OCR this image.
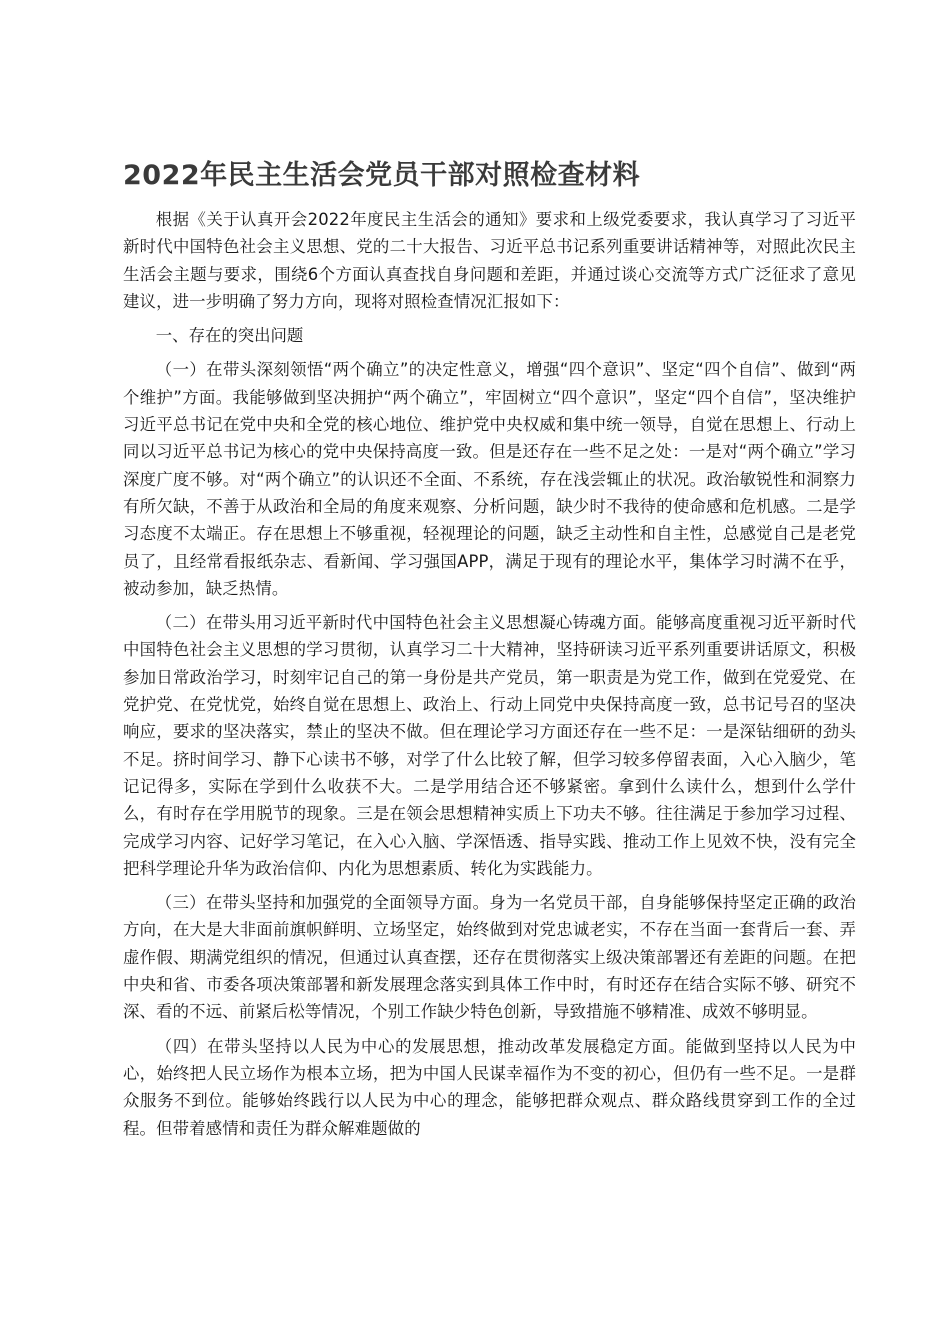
2022年民主生活会党员干部对照检查材料

根据《关于认真开会2022年度民主生活会的通知》要求和上级党委要求，我认真学习了习近平新时代中国特色社会主义思想、党的二十大报告、习近平总书记系列重要讲话精神等，对照此次民主生活会主题与要求，围绕6个方面认真查找自身问题和差距，并通过谈心交流等方式广泛征求了意见建议，进一步明确了努力方向，现将对照检查情况汇报如下：

一、存在的突出问题

（一）在带头深刻领悟“两个确立”的决定性意义，增强“四个意识”、坚定“四个自信”、做到“两个维护”方面。我能够做到坚决拥护“两个确立”，牢固树立“四个意识”，坚定“四个自信”，坚决维护习近平总书记在党中央和全党的核心地位、维护党中央权威和集中统一领导，自觉在思想上、行动上同以习近平总书记为核心的党中央保持高度一致。但是还存在一些不足之处：一是对“两个确立”学习深度广度不够。对“两个确立”的认识还不全面、不系统，存在浅尝辄止的状况。政治敏锐性和洞察力有所欠缺，不善于从政治和全局的角度来观察、分析问题，缺少时不我待的使命感和危机感。二是学习态度不太端正。存在思想上不够重视，轻视理论的问题，缺乏主动性和自主性，总感觉自己是老党员了，且经常看报纸杂志、看新闻、学习强国APP，满足于现有的理论水平，集体学习时满不在乎，被动参加，缺乏热情。

（二）在带头用习近平新时代中国特色社会主义思想凝心铸魂方面。能够高度重视习近平新时代中国特色社会主义思想的学习贯彻，认真学习二十大精神，坚持研读习近平系列重要讲话原文，积极参加日常政治学习，时刻牢记自己的第一身份是共产党员，第一职责是为党工作，做到在党爱党、在党护党、在党忧党，始终自觉在思想上、政治上、行动上同党中央保持高度一致，总书记号召的坚决响应，要求的坚决落实，禁止的坚决不做。但在理论学习方面还存在一些不足：一是深钻细研的劲头不足。挤时间学习、静下心读书不够，对学了什么比较了解，但学习较多停留表面，入心入脑少，笔记记得多，实际在学到什么收获不大。二是学用结合还不够紧密。拿到什么读什么，想到什么学什么，有时存在学用脱节的现象。三是在领会思想精神实质上下功夫不够。往往满足于参加学习过程、完成学习内容、记好学习笔记，在入心入脑、学深悟透、指导实践、推动工作上见效不快，没有完全把科学理论升华为政治信仰、内化为思想素质、转化为实践能力。

（三）在带头坚持和加强党的全面领导方面。身为一名党员干部，自身能够保持坚定正确的政治方向，在大是大非面前旗帜鲜明、立场坚定，始终做到对党忠诚老实，不存在当面一套背后一套、弄虚作假、期满党组织的情况，但通过认真查摆，还存在贯彻落实上级决策部署还有差距的问题。在把中央和省、市委各项决策部署和新发展理念落实到具体工作中时，有时还存在结合实际不够、研究不深、看的不远、前紧后松等情况，个别工作缺少特色创新，导致措施不够精准、成效不够明显。

（四）在带头坚持以人民为中心的发展思想，推动改革发展稳定方面。能做到坚持以人民为中心，始终把人民立场作为根本立场，把为中国人民谋幸福作为不变的初心，但仍有一些不足。一是群众服务不到位。能够始终践行以人民为中心的理念，能够把群众观点、群众路线贯穿到工作的全过程。但带着感情和责任为群众解难题做的
